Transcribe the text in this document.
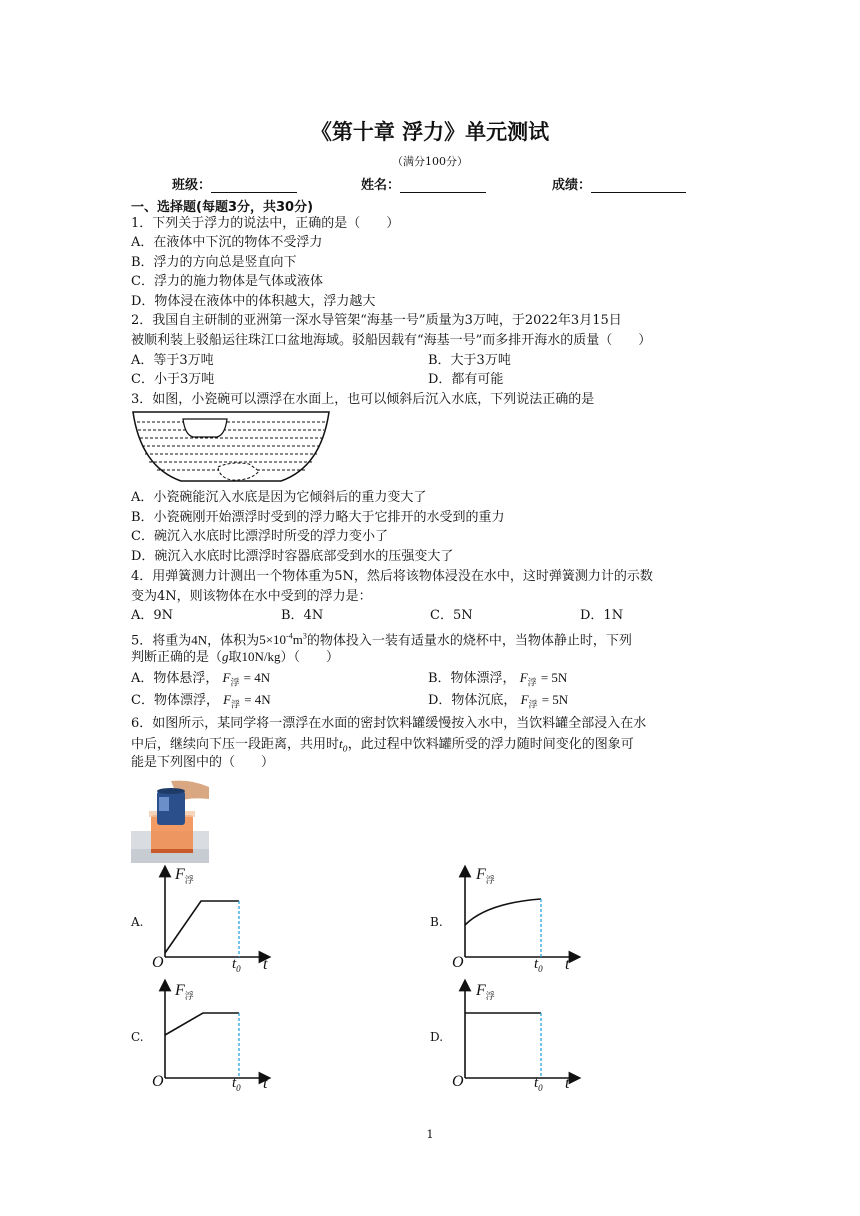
《第十章 浮力》单元测试
（满分100分）
班级：	姓名：	成绩：
一、选择题(每题3分，共30分)
1．下列关于浮力的说法中，正确的是（　　）
A．在液体中下沉的物体不受浮力
B．浮力的方向总是竖直向下
C．浮力的施力物体是气体或液体
D．物体浸在液体中的体积越大，浮力越大
2．我国自主研制的亚洲第一深水导管架“海基一号”质量为3万吨，于2022年3月15日
被顺利装上驳船运往珠江口盆地海域。驳船因载有“海基一号”而多排开海水的质量（　　）
A．等于3万吨	B．大于3万吨
C．小于3万吨	D．都有可能
3．如图，小瓷碗可以漂浮在水面上，也可以倾斜后沉入水底，下列说法正确的是
A．小瓷碗能沉入水底是因为它倾斜后的重力变大了
B．小瓷碗刚开始漂浮时受到的浮力略大于它排开的水受到的重力
C．碗沉入水底时比漂浮时所受的浮力变小了
D．碗沉入水底时比漂浮时容器底部受到水的压强变大了
4．用弹簧测力计测出一个物体重为5N，然后将该物体浸没在水中，这时弹簧测力计的示数
变为4N，则该物体在水中受到的浮力是：
A．9N	B．4N	C．5N	D．1N
5．将重为4N，体积为$5\times 10^{-4}m^3$的物体投入一装有适量水的烧杯中，当物体静止时，下列
判断正确的是（g取10N/kg）（　　）
A．物体悬浮， $F_浮 = 4N$	B．物体漂浮， $F_浮 = 5N$
C．物体漂浮， $F_浮 = 4N$	D．物体沉底， $F_浮 = 5N$
6．如图所示，某同学将一漂浮在水面的密封饮料罐缓慢按入水中，当饮料罐全部浸入在水
中后，继续向下压一段距离，共用时$t_0$，此过程中饮料罐所受的浮力随时间变化的图象可
能是下列图中的（　　）
A.
$F_浮$
O	$t_0$ t
B.
$F_浮$
O	$t_0$ t
C.
$F_浮$
O	$t_0$ t
D.
$F_浮$
O	$t_0$ t
1
